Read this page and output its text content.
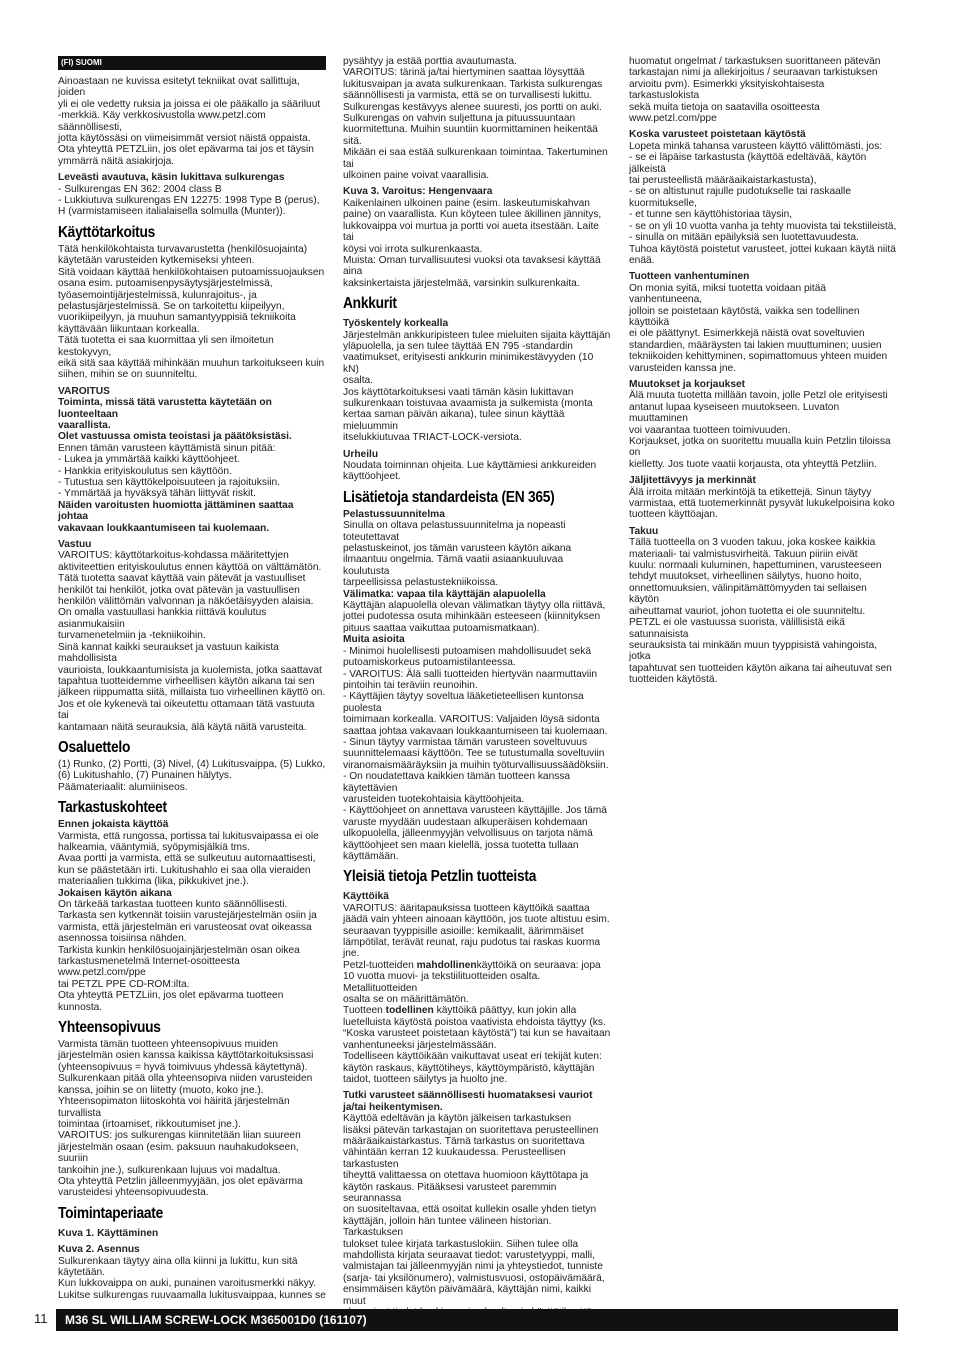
(FI) SUOMI

Ainoastaan ne kuvissa esitetyt tekniikat ovat sallittuja, joiden
yli ei ole vedetty ruksia ja joissa ei ole pääkallo ja sääriluut
-merkkiä. Käy verkkosivustolla www.petzl.com säännöllisesti,
jotta käytössäsi on viimeisimmät versiot näistä oppaista.
Ota yhteyttä PETZLiin, jos olet epävarma tai jos et täysin
ymmärrä näitä asiakirjoja.

Leveästi avautuva, käsin lukittava sulkurengas

- Sulkurengas EN 362: 2004 class B
- Lukkiutuva sulkurengas EN 12275: 1998 Type B (perus),
H (varmistamiseen italialaisella solmulla (Munter)).

Käyttötarkoitus

Tätä henkilökohtaista turvavarustetta (henkilösuojainta)
käytetään varusteiden kytkemiseksi yhteen.
Sitä voidaan käyttää henkilökohtaisen putoamissuojauksen
osana esim. putoamisenpysäytysjärjestelmissä,
työasemointijärjestelmissä, kulunrajoitus-, ja
pelastusjärjestelmissä. Se on tarkoitettu kiipeilyyn,
vuorikiipeilyyn, ja muuhun samantyyppisiä tekniikoita
käyttävään liikuntaan korkealla.
Tätä tuotetta ei saa kuormittaa yli sen ilmoitetun kestokyvyn,
eikä sitä saa käyttää mihinkään muuhun tarkoitukseen kuin
siihen, mihin se on suunniteltu.

VAROITUS

Toiminta, missä tätä varustetta käytetään on luonteeltaan
vaarallista.
Olet vastuussa omista teoistasi ja päätöksistäsi.

Ennen tämän varusteen käyttämistä sinun pitää:
- Lukea ja ymmärtää kaikki käyttöohjeet.
- Hankkia erityiskoulutus sen käyttöön.
- Tutustua sen käyttökelpoisuuteen ja rajoituksiin.
- Ymmärtää ja hyväksyä tähän liittyvät riskit.

Näiden varoitusten huomiotta jättäminen saattaa johtaa
vakavaan loukkaantumiseen tai kuolemaan.

Vastuu

VAROITUS: käyttötarkoitus-kohdassa määritettyjen
aktiviteettien erityiskoulutus ennen käyttöä on välttämätön.
Tätä tuotetta saavat käyttää vain pätevät ja vastuulliset
henkilöt tai henkilöt, jotka ovat pätevän ja vastuullisen
henkilön välittömän valvonnan ja näköetäisyyden alaisia.
On omalla vastuullasi hankkia riittävä koulutus asianmukaisiin
turvamenetelmiin ja -tekniikoihin.
Sinä kannat kaikki seuraukset ja vastuun kaikista mahdollisista
vaurioista, loukkaantumisista ja kuolemista, jotka saattavat
tapahtua tuotteidemme virheellisen käytön aikana tai sen
jälkeen riippumatta siitä, millaista tuo virheellinen käyttö on.
Jos et ole kykenevä tai oikeutettu ottamaan tätä vastuuta tai
kantamaan näitä seurauksia, älä käytä näitä varusteita.

Osaluettelo

(1) Runko, (2) Portti, (3) Nivel, (4) Lukitusvaippa, (5) Lukko,
(6) Lukitushahlo, (7) Punainen hälytys.
Päämateriaalit: alumiiniseos.

Tarkastuskohteet

Ennen jokaista käyttöä

Varmista, että rungossa, portissa tai lukitusvaipassa ei ole
halkeamia, vääntymiä, syöpymisjälkiä tms.
Avaa portti ja varmista, että se sulkeutuu automaattisesti,
kun se päästetään irti. Lukitushahlo ei saa olla vieraiden
materiaalien tukkima (lika, pikkukivet jne.).

Jokaisen käytön aikana

On tärkeää tarkastaa tuotteen kunto säännöllisesti.
Tarkasta sen kytkennät toisiin varustejärjestelmän osiin ja
varmista, että järjestelmän eri varusteosat ovat oikeassa
asennossa toisiinsa nähden.
Tarkista kunkin henkilösuojainjärjestelmän osan oikea
tarkastusmenetelmä Internet-osoitteesta www.petzl.com/ppe
tai PETZL PPE CD-ROM:ilta.
Ota yhteyttä PETZLiin, jos olet epävarma tuotteen kunnosta.

Yhteensopivuus

Varmista tämän tuotteen yhteensopivuus muiden
järjestelmän osien kanssa kaikissa käyttötarkoituksissasi
(yhteensopivuus = hyvä toimivuus yhdessä käytettynä).
Sulkurenkaan pitää olla yhteensopiva niiden varusteiden
kanssa, joihin se on liitetty (muoto, koko jne.).
Yhteensopimaton liitoskohta voi häiritä järjestelmän turvallista
toimintaa (irtoamiset, rikkoutumiset jne.).
VAROITUS: jos sulkurengas kiinnitetään liian suureen
järjestelmän osaan (esim. paksuun nauhakudokseen, suuriin
tankoihin jne.), sulkurenkaan lujuus voi madaltua.
Ota yhteyttä Petzlin jälleenmyyjään, jos olet epävarma
varusteidesi yhteensopivuudesta.

Toimintaperiaate

Kuva 1. Käyttäminen

Kuva 2. Asennus

Sulkurenkaan täytyy aina olla kiinni ja lukittu, kun sitä
käytetään.
Kun lukkovaippa on auki, punainen varoitusmerkki näkyy.
Lukitse sulkurengas ruuvaamalla lukitusvaippaa, kunnes se

pysähtyy ja estää porttia avautumasta.
VAROITUS: tärinä ja/tai hiertyminen saattaa löysyttää
lukitusvaipan ja avata sulkurenkaan. Tarkista sulkurengas
säännöllisesti ja varmista, että se on turvallisesti lukittu.
Sulkurengas kestävyys alenee suuresti, jos portti on auki.
Sulkurengas on vahvin suljettuna ja pituussuuntaan
kuormitettuna. Muihin suuntiin kuormittaminen heikentää sitä.
Mikään ei saa estää sulkurenkaan toimintaa. Takertuminen tai
ulkoinen paine voivat vaarallisia.

Kuva 3. Varoitus: Hengenvaara

Kaikenlainen ulkoinen paine (esim. laskeutumiskahvan
paine) on vaarallista. Kun köyteen tulee äkillinen jännitys,
lukkovaippa voi murtua ja portti voi aueta itsestään. Laite tai
köysi voi irrota sulkurenkaasta.
Muista: Oman turvallisuutesi vuoksi ota tavaksesi käyttää aina
kaksinkertaista järjestelmää, varsinkin sulkurenkaita.

Ankkurit

Työskentely korkealla

Järjestelmän ankkuripisteen tulee mieluiten sijaita käyttäjän
yläpuolella, ja sen tulee täyttää EN 795 -standardin
vaatimukset, erityisesti ankkurin minimikestävyyden (10 kN)
osalta.
Jos käyttötarkoituksesi vaati tämän käsin lukittavan
sulkurenkaan toistuvaa avaamista ja sulkemista (monta
kertaa saman päivän aikana), tulee sinun käyttää mieluummin
itselukkiutuvaa TRIACT-LOCK-versiota.

Urheilu

Noudata toiminnan ohjeita. Lue käyttämiesi ankkureiden
käyttöohjeet.

Lisätietoja standardeista (EN 365)

Pelastussuunnitelma

Sinulla on oltava pelastussuunnitelma ja nopeasti toteutettavat
pelastuskeinot, jos tämän varusteen käytön aikana
ilmaantuu ongelmia. Tämä vaatii asiaankuuluvaa koulutusta
tarpeellisissa pelastustekniikoissa.

Välimatka: vapaa tila käyttäjän alapuolella

Käyttäjän alapuolella olevan välimatkan täytyy olla riittävä,
jottei pudotessa osuta mihinkään esteeseen (kiinnityksen
pituus saattaa vaikuttaa putoamismatkaan).

Muita asioita

- Minimoi huolellisesti putoamisen mahdollisuudet sekä
putoamiskorkeus putoamistilanteessa.
- VAROITUS: Älä salli tuotteiden hiertyvän naarmuttaviin
pintoihin tai teräviin reunoihin.
- Käyttäjien täytyy soveltua lääketieteellisen kuntonsa puolesta
toimimaan korkealla. VAROITUS: Valjaiden löysä sidonta
saattaa johtaa vakavaan loukkaantumiseen tai kuolemaan.
- Sinun täytyy varmistaa tämän varusteen soveltuvuus
suunnittelemaasi käyttöön. Tee se tutustumalla soveltuviin
viranomaismääräyksiin ja muihin työturvallisuussäädöksiin.
- On noudatettava kaikkien tämän tuotteen kanssa käytettävien
varusteiden tuotekohtaisia käyttöohjeita.
- Käyttöohjeet on annettava varusteen käyttäjille. Jos tämä
varuste myydään uudestaan alkuperäisen kohdemaan
ulkopuolella, jälleenmyyjän velvollisuus on tarjota nämä
käyttöohjeet sen maan kielellä, jossa tuotetta tullaan
käyttämään.

Yleisiä tietoja Petzlin tuotteista

Käyttöikä

VAROITUS: ääritapauksissa tuotteen käyttöikä saattaa
jäädä vain yhteen ainoaan käyttöön, jos tuote altistuu esim.
seuraavan tyyppisille asioille: kemikaalit, äärimmäiset
lämpötilat, terävät reunat, raju pudotus tai raskas kuorma jne.
Petzl-tuotteiden mahdollinenkäyttöikä on seuraava: jopa
10 vuotta muovi- ja tekstiilituotteiden osalta. Metallituotteiden
osalta se on määrittämätön.
Tuotteen todellinen käyttöikä päättyy, kun jokin alla
luetelluista käytöstä poistoa vaativista ehdoista täyttyy (ks.
“Koska varusteet poistetaan käytöstä”) tai kun se havaitaan
vanhentuneeksi järjestelmässään.
Todelliseen käyttöikään vaikuttavat useat eri tekijät kuten:
käytön raskaus, käyttötiheys, käyttöympäristö, käyttäjän
taidot, tuotteen säilytys ja huolto jne.

Tutki varusteet säännöllisesti huomataksesi vauriot
ja/tai heikentymisen.

Käyttöä edeltävän ja käytön jälkeisen tarkastuksen
lisäksi pätevän tarkastajan on suoritettava perusteellinen
määräaikaistarkastus. Tämä tarkastus on suoritettava
vähintään kerran 12 kuukaudessa. Perusteellisen tarkastusten
tiheyttä valittaessa on otettava huomioon käyttötapa ja
käytön raskaus. Pitääksesi varusteet paremmin seurannassa
on suositeltavaa, että osoitat kullekin osalle yhden tietyn
käyttäjän, jolloin hän tuntee välineen historian. Tarkastuksen
tulokset tulee kirjata tarkastuslokiin. Siihen tulee olla
mahdollista kirjata seuraavat tiedot: varustetyyppi, malli,
valmistajan tai jälleenmyyjän nimi ja yhteystiedot, tunniste
(sarja- tai yksilönumero), valmistusvuosi, ostopäivämäärä,
ensimmäisen käytön päivämäärä, käyttäjän nimi, kaikki muut

huomatut ongelmat / tarkastuksen suorittaneen pätevän
tarkastajan nimi ja allekirjoitus / seuraavan tarkistuksen
arvioitu pvm). Esimerkki yksityiskohtaisesta tarkastuslokista
sekä muita tietoja on saatavilla osoitteesta www.petzl.com/ppe

Koska varusteet poistetaan käytöstä

Lopeta minkä tahansa varusteen käyttö välittömästi, jos:
- se ei läpäise tarkastusta (käyttöä edeltävää, käytön jälkeistä
tai perusteellistä määräaikaistarkastusta),
- se on altistunut rajulle pudotukselle tai raskaalle
kuormitukselle,
- et tunne sen käyttöhistoriaa täysin,
- se on yli 10 vuotta vanha ja tehty muovista tai tekstiileistä,
- sinulla on mitään epäilyksiä sen luotettavuudesta.
Tuhoa käytöstä poistetut varusteet, jottei kukaan käytä niitä
enää.

Tuotteen vanhentuminen

On monia syitä, miksi tuotetta voidaan pitää vanhentuneena,
jolloin se poistetaan käytöstä, vaikka sen todellinen käyttöikä
ei ole päättynyt. Esimerkkejä näistä ovat soveltuvien
standardien, määräysten tai lakien muuttuminen; uusien
tekniikoiden kehittyminen, sopimattomuus yhteen muiden
varusteiden kanssa jne.

Muutokset ja korjaukset

Älä muuta tuotetta millään tavoin, jolle Petzl ole erityisesti
antanut lupaa kyseiseen muutokseen. Luvaton muuttaminen
voi vaarantaa tuotteen toimivuuden.
Korjaukset, jotka on suoritettu muualla kuin Petzlin tiloissa on
kielletty. Jos tuote vaatii korjausta, ota yhteyttä Petzliin.

Jäljitettävyys ja merkinnät

Älä irroita mitään merkintöjä ta etikettejä. Sinun täytyy
varmistaa, että tuotemerkinnät pysyvät lukukelpoisina koko
tuotteen käyttöajan.

Takuu

Tällä tuotteella on 3 vuoden takuu, joka koskee kaikkia
materiaali- tai valmistusvirheitä. Takuun piiriin eivät
kuulu: normaali kuluminen, hapettuminen, varusteeseen
tehdyt muutokset, virheellinen säilytys, huono hoito,
onnettomuuksien, välinpitämättömyyden tai sellaisen käytön
aiheuttamat vauriot, johon tuotetta ei ole suunniteltu.
PETZL ei ole vastuussa suorista, välillisistä eikä satunnaisista
seurauksista tai minkään muun tyyppisistä vahingoista, jotka
tapahtuvat sen tuotteiden käytön aikana tai aiheutuvat sen
tuotteiden käytöstä.

11 M36 SL WILLIAM SCREW-LOCK M365001D0 (161107)
